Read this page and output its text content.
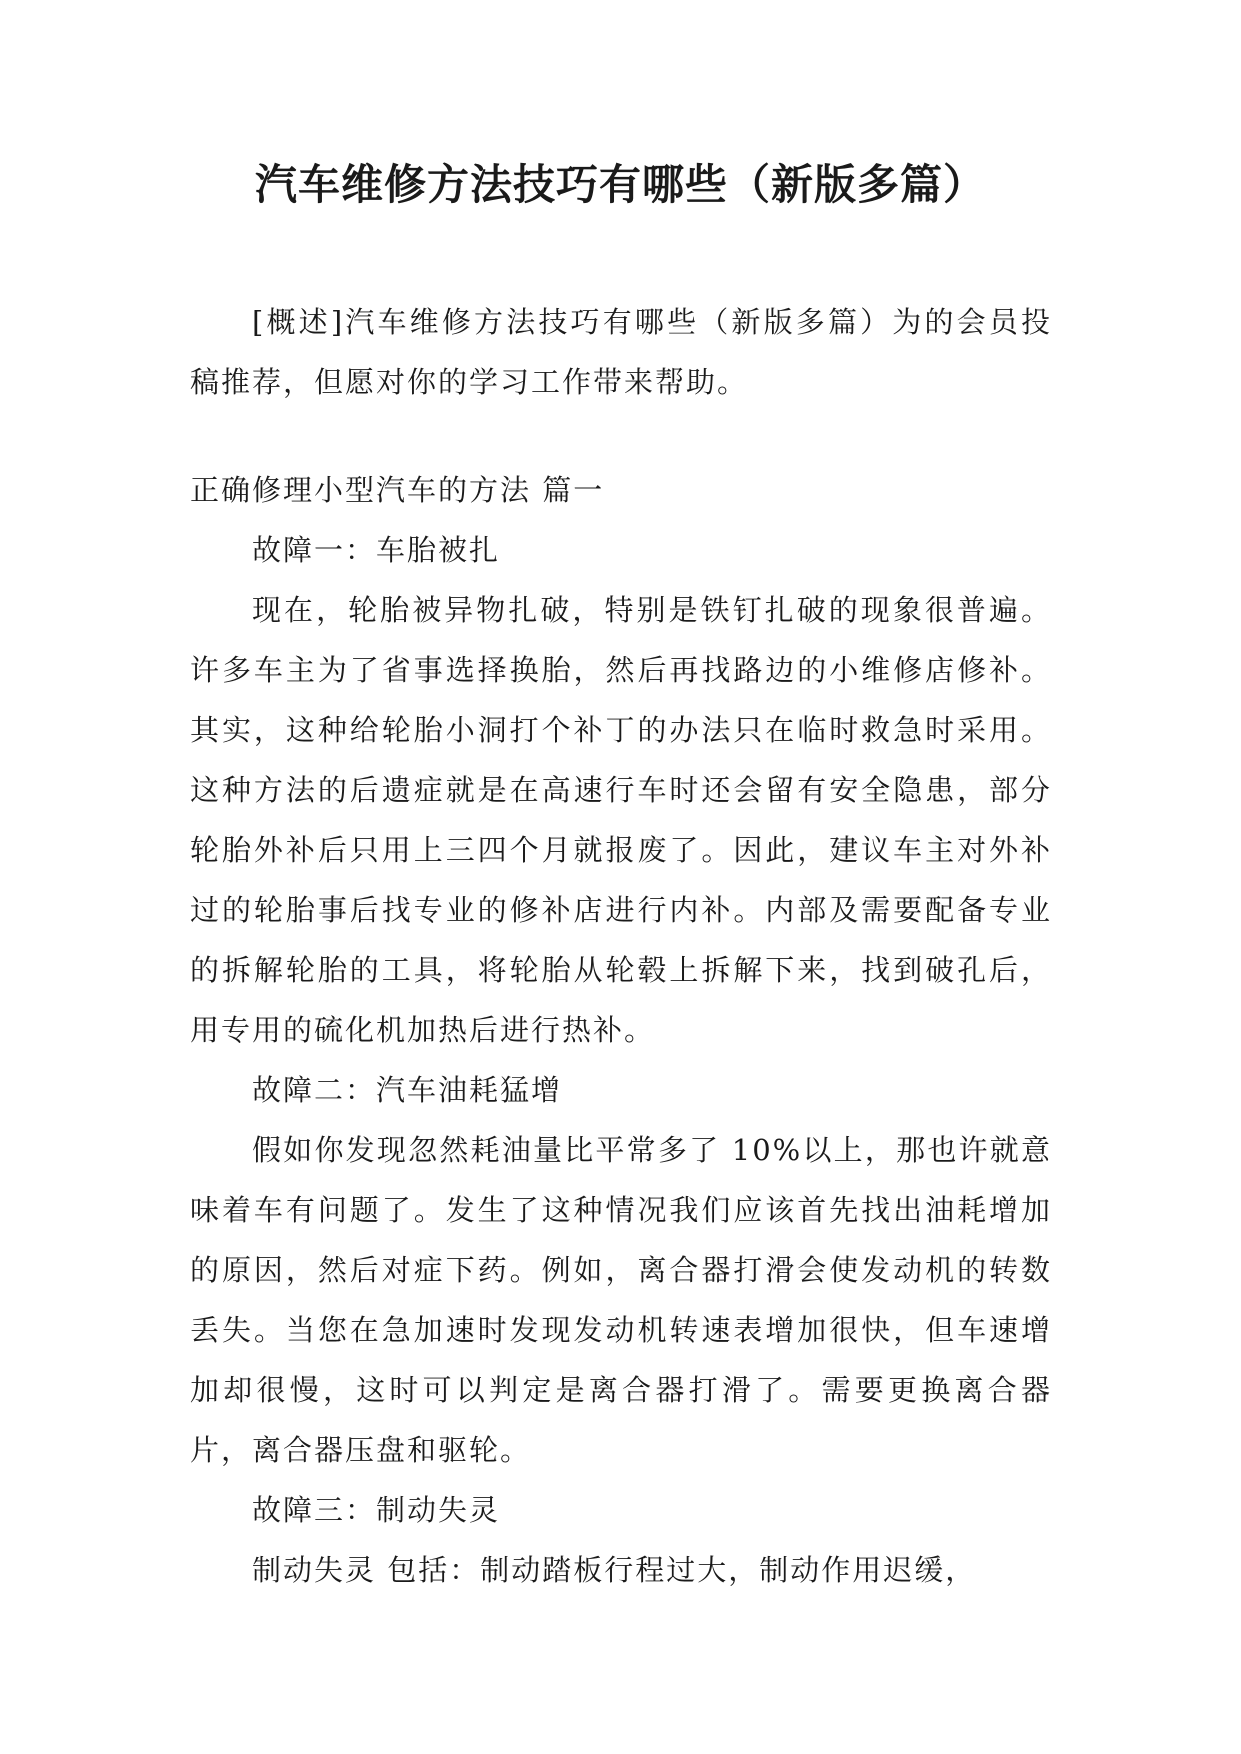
汽车维修方法技巧有哪些（新版多篇）

[概述]汽车维修方法技巧有哪些（新版多篇）为的会员投稿推荐，但愿对你的学习工作带来帮助。

正确修理小型汽车的方法 篇一

故障一：车胎被扎

现在，轮胎被异物扎破，特别是铁钉扎破的现象很普遍。许多车主为了省事选择换胎，然后再找路边的小维修店修补。其实，这种给轮胎小洞打个补丁的办法只在临时救急时采用。这种方法的后遗症就是在高速行车时还会留有安全隐患，部分轮胎外补后只用上三四个月就报废了。因此，建议车主对外补过的轮胎事后找专业的修补店进行内补。内部及需要配备专业的拆解轮胎的工具，将轮胎从轮毂上拆解下来，找到破孔后，用专用的硫化机加热后进行热补。

故障二：汽车油耗猛增

假如你发现忽然耗油量比平常多了 10%以上，那也许就意味着车有问题了。发生了这种情况我们应该首先找出油耗增加的原因，然后对症下药。例如，离合器打滑会使发动机的转数丢失。当您在急加速时发现发动机转速表增加很快，但车速增加却很慢，这时可以判定是离合器打滑了。需要更换离合器片，离合器压盘和驱轮。

故障三：制动失灵

制动失灵 包括：制动踏板行程过大，制动作用迟缓，
